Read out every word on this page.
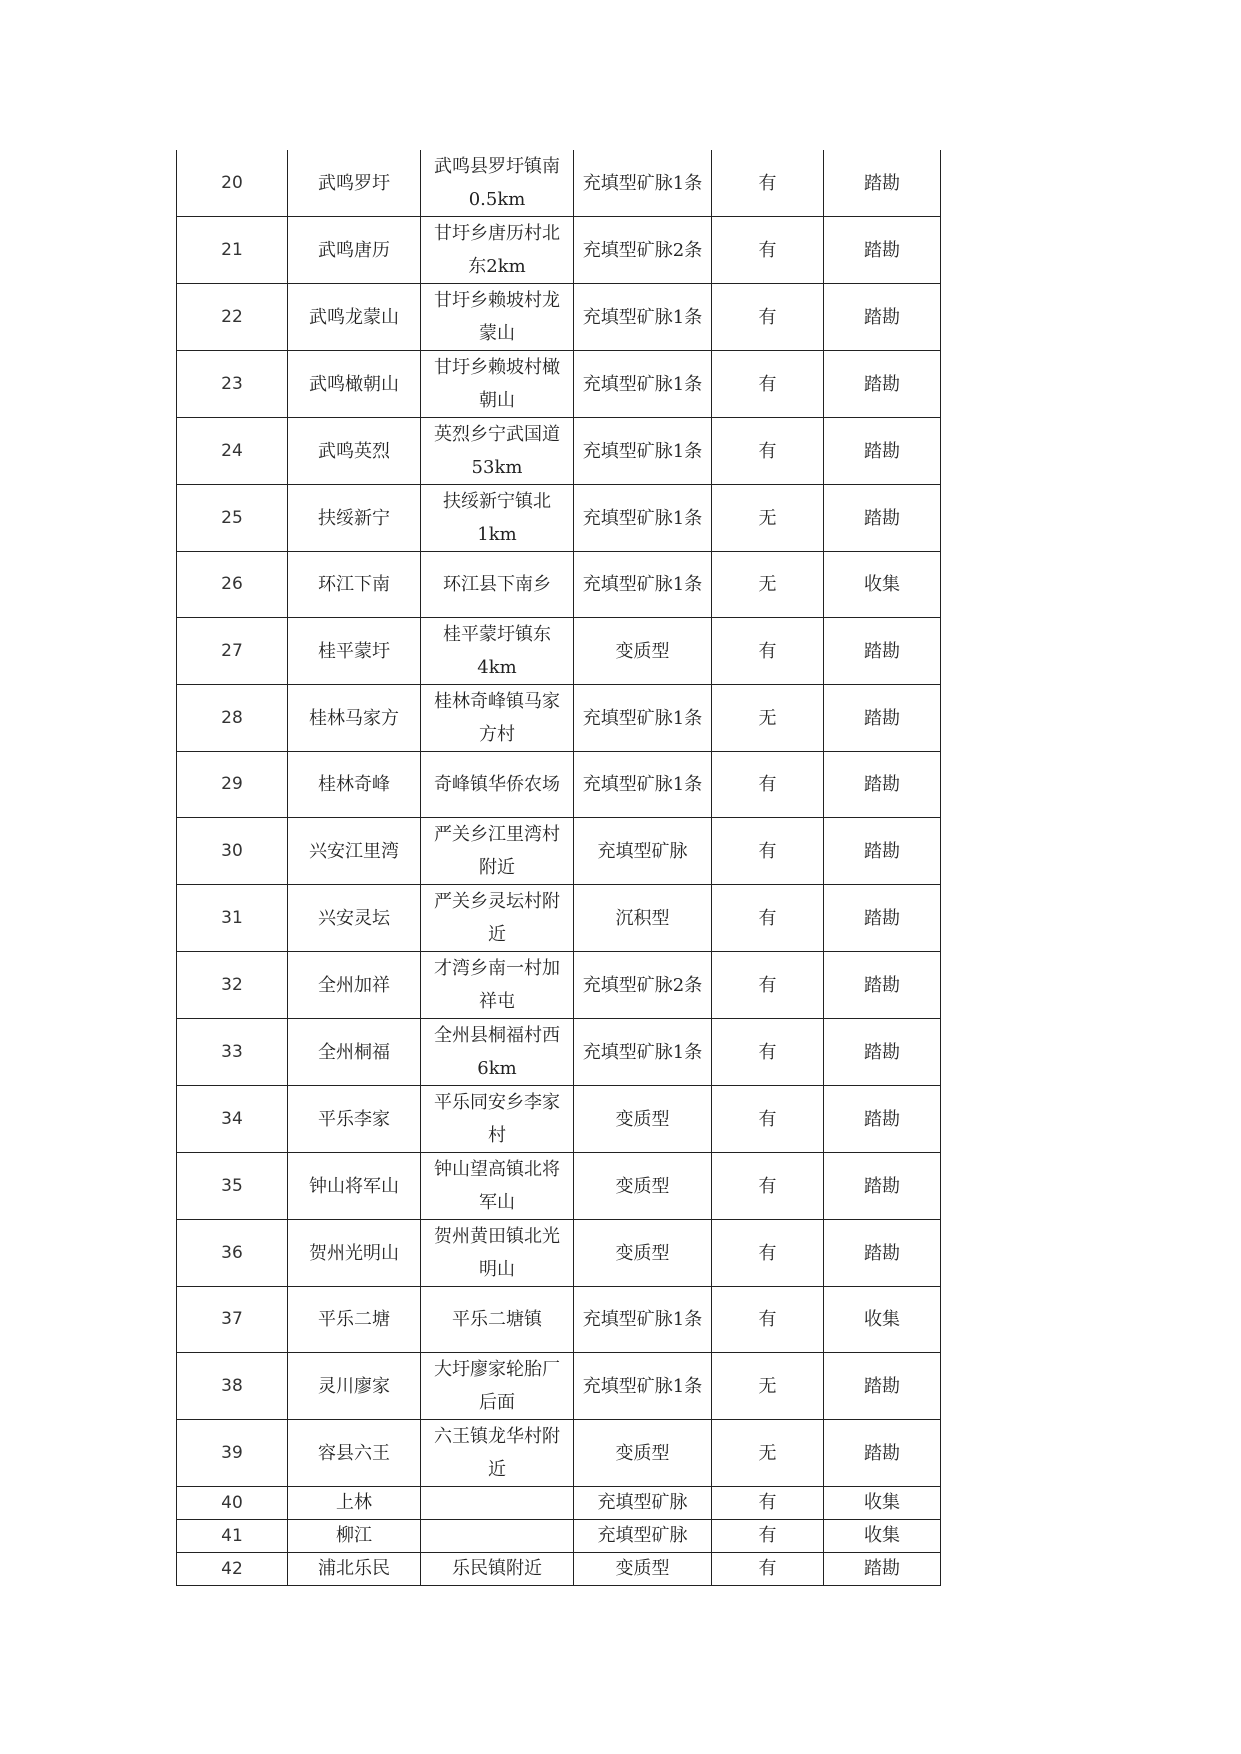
20	武鸣罗圩	武鸣县罗圩镇南0.5km	充填型矿脉1条	有	踏勘
21	武鸣唐历	甘圩乡唐历村北东2km	充填型矿脉2条	有	踏勘
22	武鸣龙蒙山	甘圩乡赖坡村龙蒙山	充填型矿脉1条	有	踏勘
23	武鸣橄朝山	甘圩乡赖坡村橄朝山	充填型矿脉1条	有	踏勘
24	武鸣英烈	英烈乡宁武国道53km	充填型矿脉1条	有	踏勘
25	扶绥新宁	扶绥新宁镇北1km	充填型矿脉1条	无	踏勘
26	环江下南	环江县下南乡	充填型矿脉1条	无	收集
27	桂平蒙圩	桂平蒙圩镇东4km	变质型	有	踏勘
28	桂林马家方	桂林奇峰镇马家方村	充填型矿脉1条	无	踏勘
29	桂林奇峰	奇峰镇华侨农场	充填型矿脉1条	有	踏勘
30	兴安江里湾	严关乡江里湾村附近	充填型矿脉	有	踏勘
31	兴安灵坛	严关乡灵坛村附近	沉积型	有	踏勘
32	全州加祥	才湾乡南一村加祥屯	充填型矿脉2条	有	踏勘
33	全州桐福	全州县桐福村西6km	充填型矿脉1条	有	踏勘
34	平乐李家	平乐同安乡李家村	变质型	有	踏勘
35	钟山将军山	钟山望高镇北将军山	变质型	有	踏勘
36	贺州光明山	贺州黄田镇北光明山	变质型	有	踏勘
37	平乐二塘	平乐二塘镇	充填型矿脉1条	有	收集
38	灵川廖家	大圩廖家轮胎厂后面	充填型矿脉1条	无	踏勘
39	容县六王	六王镇龙华村附近	变质型	无	踏勘
40	上林		充填型矿脉	有	收集
41	柳江		充填型矿脉	有	收集
42	浦北乐民	乐民镇附近	变质型	有	踏勘
